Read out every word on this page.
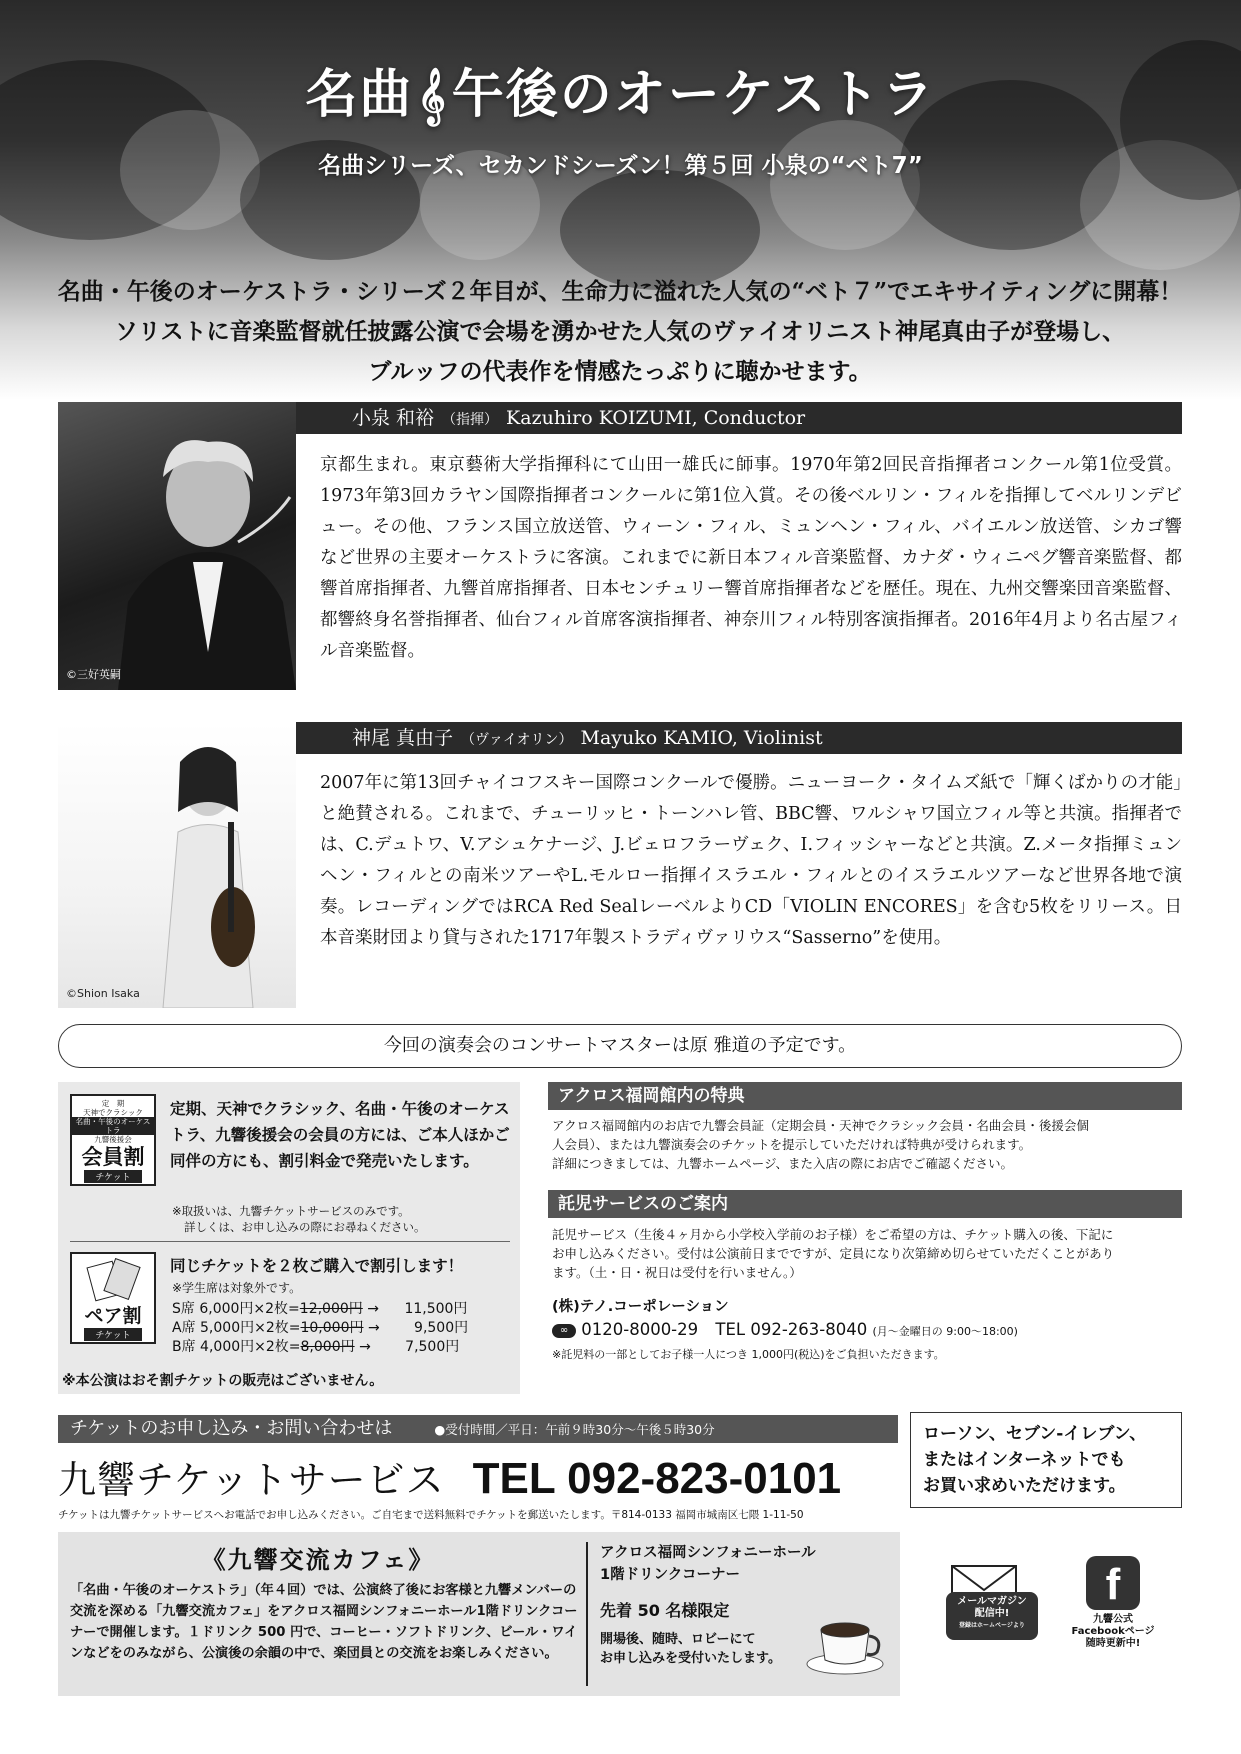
名曲𝄞午後のオーケストラ
名曲シリーズ、セカンドシーズン！第５回 小泉の“ベト7”
名曲・午後のオーケストラ・シリーズ２年目が、生命力に溢れた人気の“ベト７”でエキサイティングに開幕！
ソリストに音楽監督就任披露公演で会場を湧かせた人気のヴァイオリニスト神尾真由子が登場し、
ブルッフの代表作を情感たっぷりに聴かせます。
©三好英嗣
小泉 和裕 （指揮） Kazuhiro KOIZUMI, Conductor
京都生まれ。東京藝術大学指揮科にて山田一雄氏に師事。1970年第2回民音指揮者コンクール第1位受賞。1973年第3回カラヤン国際指揮者コンクールに第1位入賞。その後ベルリン・フィルを指揮してベルリンデビュー。その他、フランス国立放送管、ウィーン・フィル、ミュンヘン・フィル、バイエルン放送管、シカゴ響など世界の主要オーケストラに客演。これまでに新日本フィル音楽監督、カナダ・ウィニペグ響音楽監督、都響首席指揮者、九響首席指揮者、日本センチュリー響首席指揮者などを歴任。現在、九州交響楽団音楽監督、都響終身名誉指揮者、仙台フィル首席客演指揮者、神奈川フィル特別客演指揮者。2016年4月より名古屋フィル音楽監督。
©Shion Isaka
神尾 真由子 （ヴァイオリン） Mayuko KAMIO, Violinist
2007年に第13回チャイコフスキー国際コンクールで優勝。ニューヨーク・タイムズ紙で「輝くばかりの才能」と絶賛される。これまで、チューリッヒ・トーンハレ管、BBC響、ワルシャワ国立フィル等と共演。指揮者では、C.デュトワ、V.アシュケナージ、J.ビェロフラーヴェク、I.フィッシャーなどと共演。Z.メータ指揮ミュンヘン・フィルとの南米ツアーやL.モルロー指揮イスラエル・フィルとのイスラエルツアーなど世界各地で演奏。レコーディングではRCA Red SealレーベルよりCD「VIOLIN ENCORES」を含む5枚をリリース。日本音楽財団より貸与された1717年製ストラディヴァリウス“Sasserno”を使用。
今回の演奏会のコンサートマスターは原 雅道の予定です。
定　期
天神でクラシック
名曲・午後のオーケストラ
九響後援会
会員割
チケット
定期、天神でクラシック、名曲・午後のオーケストラ、九響後援会の会員の方には、ご本人ほかご同伴の方にも、割引料金で発売いたします。
※取扱いは、九響チケットサービスのみです。
詳しくは、お申し込みの際にお尋ねください。
ペア割
チケット
同じチケットを２枚ご購入で割引します！
※学生席は対象外です。
S席 6,000円×2枚=12,000円 → 11,500円
A席 5,000円×2枚=10,000円 → 9,500円
B席 4,000円×2枚=8,000円 → 7,500円
※本公演はおそ割チケットの販売はございません。
アクロス福岡館内の特典
アクロス福岡館内のお店で九響会員証（定期会員・天神でクラシック会員・名曲会員・後援会個
人会員）、または九響演奏会のチケットを提示していただければ特典が受けられます。
詳細につきましては、九響ホームページ、また入店の際にお店でご確認ください。
託児サービスのご案内
託児サービス（生後４ヶ月から小学校入学前のお子様）をご希望の方は、チケット購入の後、下記に
お申し込みください。受付は公演前日までですが、定員になり次第締め切らせていただくことがあり
ます。（土・日・祝日は受付を行いません。）
(株)テノ.コーポレーション
∞ 0120-8000-29 TEL 092-263-8040 (月〜金曜日の 9:00〜18:00)
※託児料の一部としてお子様一人につき 1,000円(税込)をご負担いただきます。
チケットのお申し込み・お問い合わせは	●受付時間／平日：午前９時30分〜午後５時30分
九響チケットサービス TEL 092-823-0101
チケットは九響チケットサービスへお電話でお申し込みください。ご自宅まで送料無料でチケットを郵送いたします。〒814-0133 福岡市城南区七隈 1-11-50
ローソン、セブン-イレブン、
またはインターネットでも
お買い求めいただけます。
《九響交流カフェ》
「名曲・午後のオーケストラ」（年４回）では、公演終了後にお客様と九響メンバーの交流を深める「九響交流カフェ」をアクロス福岡シンフォニーホール1階ドリンクコーナーで開催します。１ドリンク 500 円で、コーヒー・ソフトドリンク、ビール・ワインなどをのみながら、公演後の余韻の中で、楽団員との交流をお楽しみください。
アクロス福岡シンフォニーホール
1階ドリンクコーナー
先着 50 名様限定
開場後、随時、ロビーにて
お申し込みを受付いたします。
メールマガジン
配信中!
登録はホームページより
f
九響公式
Facebookページ
随時更新中!
